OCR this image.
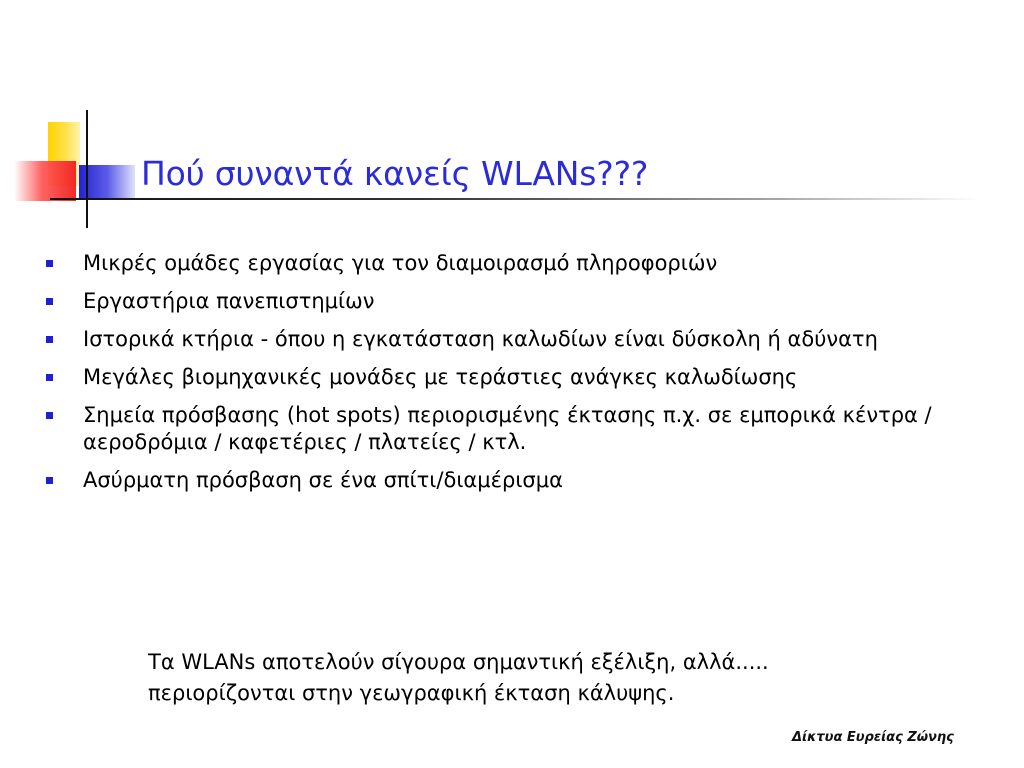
Πού συναντά κανείς WLANs???
Μικρές ομάδες εργασίας για τον διαμοιρασμό πληροφοριών
Εργαστήρια πανεπιστημίων
Ιστορικά κτήρια - όπου η εγκατάσταση καλωδίων είναι δύσκολη ή αδύνατη
Μεγάλες βιομηχανικές μονάδες με τεράστιες ανάγκες καλωδίωσης
Σημεία πρόσβασης (hot spots) περιορισμένης έκτασης π.χ. σε εμπορικά κέντρα / αεροδρόμια / καφετέριες / πλατείες / κτλ.
Ασύρματη πρόσβαση σε ένα σπίτι/διαμέρισμα
Τα WLANs αποτελούν σίγουρα σημαντική εξέλιξη, αλλά.....
περιορίζονται στην γεωγραφική έκταση κάλυψης.
Δίκτυα Ευρείας Ζώνης
